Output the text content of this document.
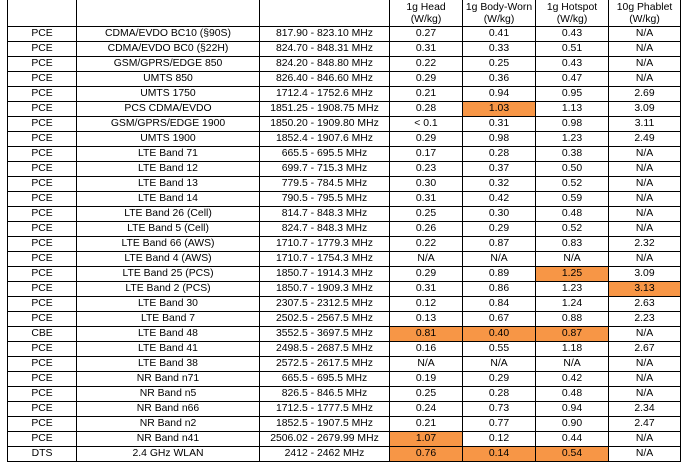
			1g Head (W/kg)	1g Body-Worn (W/kg)	1g Hotspot (W/kg)	10g Phablet (W/kg)
PCE	CDMA/EVDO BC10 (§90S)	817.90 - 823.10 MHz	0.27	0.41	0.43	N/A
PCE	CDMA/EVDO BC0 (§22H)	824.70 - 848.31 MHz	0.31	0.33	0.51	N/A
PCE	GSM/GPRS/EDGE 850	824.20 - 848.80 MHz	0.22	0.25	0.43	N/A
PCE	UMTS 850	826.40 - 846.60 MHz	0.29	0.36	0.47	N/A
PCE	UMTS 1750	1712.4 - 1752.6 MHz	0.21	0.94	0.95	2.69
PCE	PCS CDMA/EVDO	1851.25 - 1908.75 MHz	0.28	1.03	1.13	3.09
PCE	GSM/GPRS/EDGE 1900	1850.20 - 1909.80 MHz	< 0.1	0.31	0.98	3.11
PCE	UMTS 1900	1852.4 - 1907.6 MHz	0.29	0.98	1.23	2.49
PCE	LTE Band 71	665.5 - 695.5 MHz	0.17	0.28	0.38	N/A
PCE	LTE Band 12	699.7 - 715.3 MHz	0.23	0.37	0.50	N/A
PCE	LTE Band 13	779.5 - 784.5 MHz	0.30	0.32	0.52	N/A
PCE	LTE Band 14	790.5 - 795.5 MHz	0.31	0.42	0.59	N/A
PCE	LTE Band 26 (Cell)	814.7 - 848.3 MHz	0.25	0.30	0.48	N/A
PCE	LTE Band 5 (Cell)	824.7 - 848.3 MHz	0.26	0.29	0.52	N/A
PCE	LTE Band 66 (AWS)	1710.7 - 1779.3 MHz	0.22	0.87	0.83	2.32
PCE	LTE Band 4 (AWS)	1710.7 - 1754.3 MHz	N/A	N/A	N/A	N/A
PCE	LTE Band 25 (PCS)	1850.7 - 1914.3 MHz	0.29	0.89	1.25	3.09
PCE	LTE Band 2 (PCS)	1850.7 - 1909.3 MHz	0.31	0.86	1.23	3.13
PCE	LTE Band 30	2307.5 - 2312.5 MHz	0.12	0.84	1.24	2.63
PCE	LTE Band 7	2502.5 - 2567.5 MHz	0.13	0.67	0.88	2.23
CBE	LTE Band 48	3552.5 - 3697.5 MHz	0.81	0.40	0.87	N/A
PCE	LTE Band 41	2498.5 - 2687.5 MHz	0.16	0.55	1.18	2.67
PCE	LTE Band 38	2572.5 - 2617.5 MHz	N/A	N/A	N/A	N/A
PCE	NR Band n71	665.5 - 695.5 MHz	0.19	0.29	0.42	N/A
PCE	NR Band n5	826.5 - 846.5 MHz	0.25	0.28	0.48	N/A
PCE	NR Band n66	1712.5 - 1777.5 MHz	0.24	0.73	0.94	2.34
PCE	NR Band n2	1852.5 - 1907.5 MHz	0.21	0.77	0.90	2.47
PCE	NR Band n41	2506.02 - 2679.99 MHz	1.07	0.12	0.44	N/A
DTS	2.4 GHz WLAN	2412 - 2462 MHz	0.76	0.14	0.54	N/A
